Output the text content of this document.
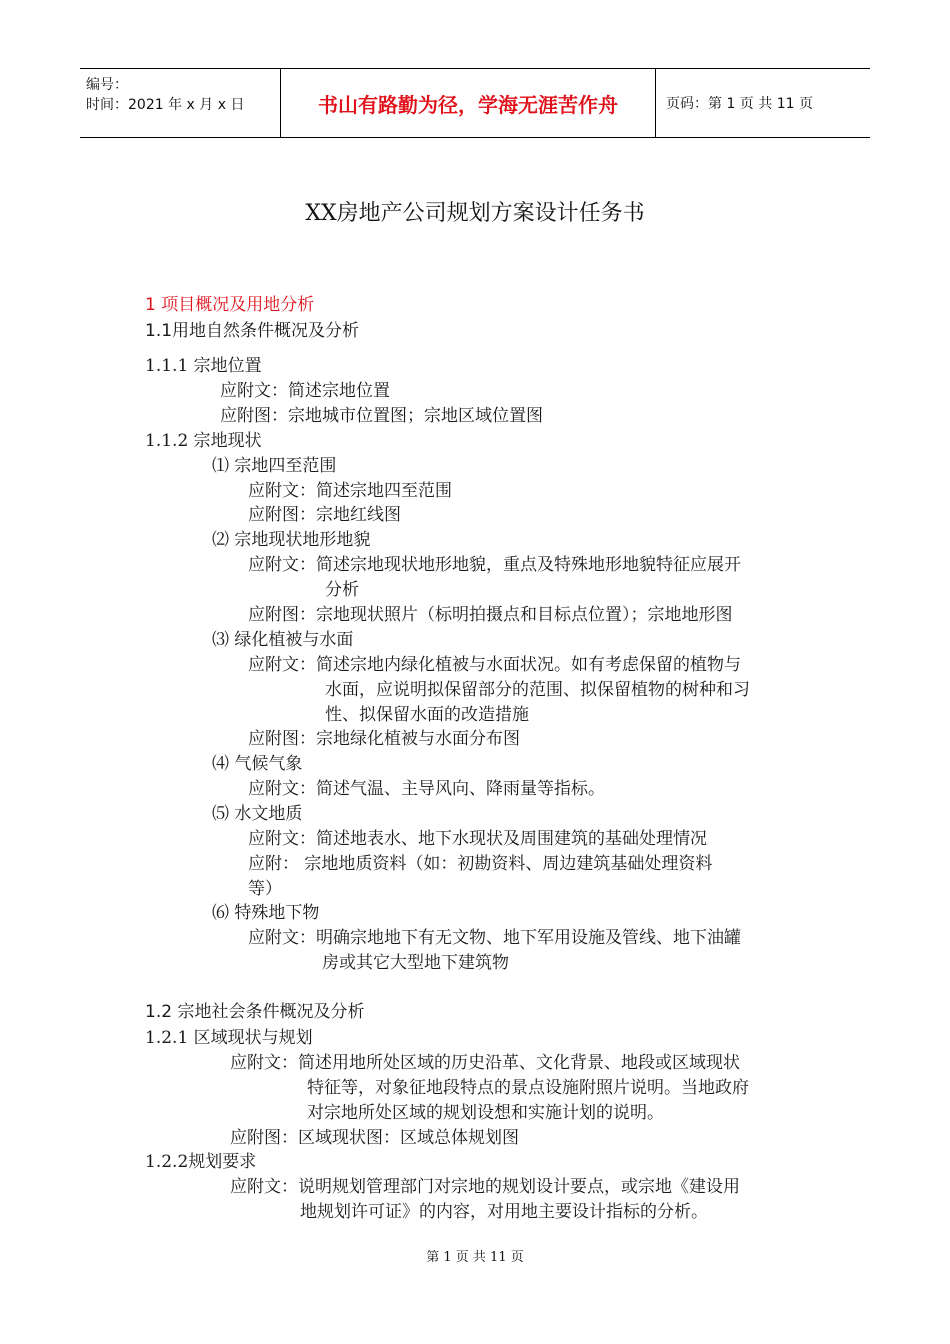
编号：
时间：2021 年 x 月 x 日	书山有路勤为径，学海无涯苦作舟	页码：第 1 页 共 11 页
XX房地产公司规划方案设计任务书
1 项目概况及用地分析
1.1用地自然条件概况及分析
1.1.1 宗地位置
应附文：简述宗地位置
应附图：宗地城市位置图；宗地区域位置图
1.1.2 宗地现状
⑴ 宗地四至范围
应附文：简述宗地四至范围
应附图：宗地红线图
⑵ 宗地现状地形地貌
应附文：简述宗地现状地形地貌，重点及特殊地形地貌特征应展开
分析
应附图：宗地现状照片（标明拍摄点和目标点位置）；宗地地形图
⑶ 绿化植被与水面
应附文：简述宗地内绿化植被与水面状况。如有考虑保留的植物与
水面，应说明拟保留部分的范围、拟保留植物的树种和习
性、拟保留水面的改造措施
应附图：宗地绿化植被与水面分布图
⑷ 气候气象
应附文：简述气温、主导风向、降雨量等指标。
⑸ 水文地质
应附文：简述地表水、地下水现状及周围建筑的基础处理情况
应附： 宗地地质资料（如：初勘资料、周边建筑基础处理资料
等）
⑹ 特殊地下物
应附文：明确宗地地下有无文物、地下军用设施及管线、地下油罐
房或其它大型地下建筑物
1.2 宗地社会条件概况及分析
1.2.1 区域现状与规划
应附文：简述用地所处区域的历史沿革、文化背景、地段或区域现状
特征等，对象征地段特点的景点设施附照片说明。当地政府
对宗地所处区域的规划设想和实施计划的说明。
应附图：区域现状图：区域总体规划图
1.2.2规划要求
应附文：说明规划管理部门对宗地的规划设计要点，或宗地《建设用
地规划许可证》的内容，对用地主要设计指标的分析。
第 1 页 共 11 页
